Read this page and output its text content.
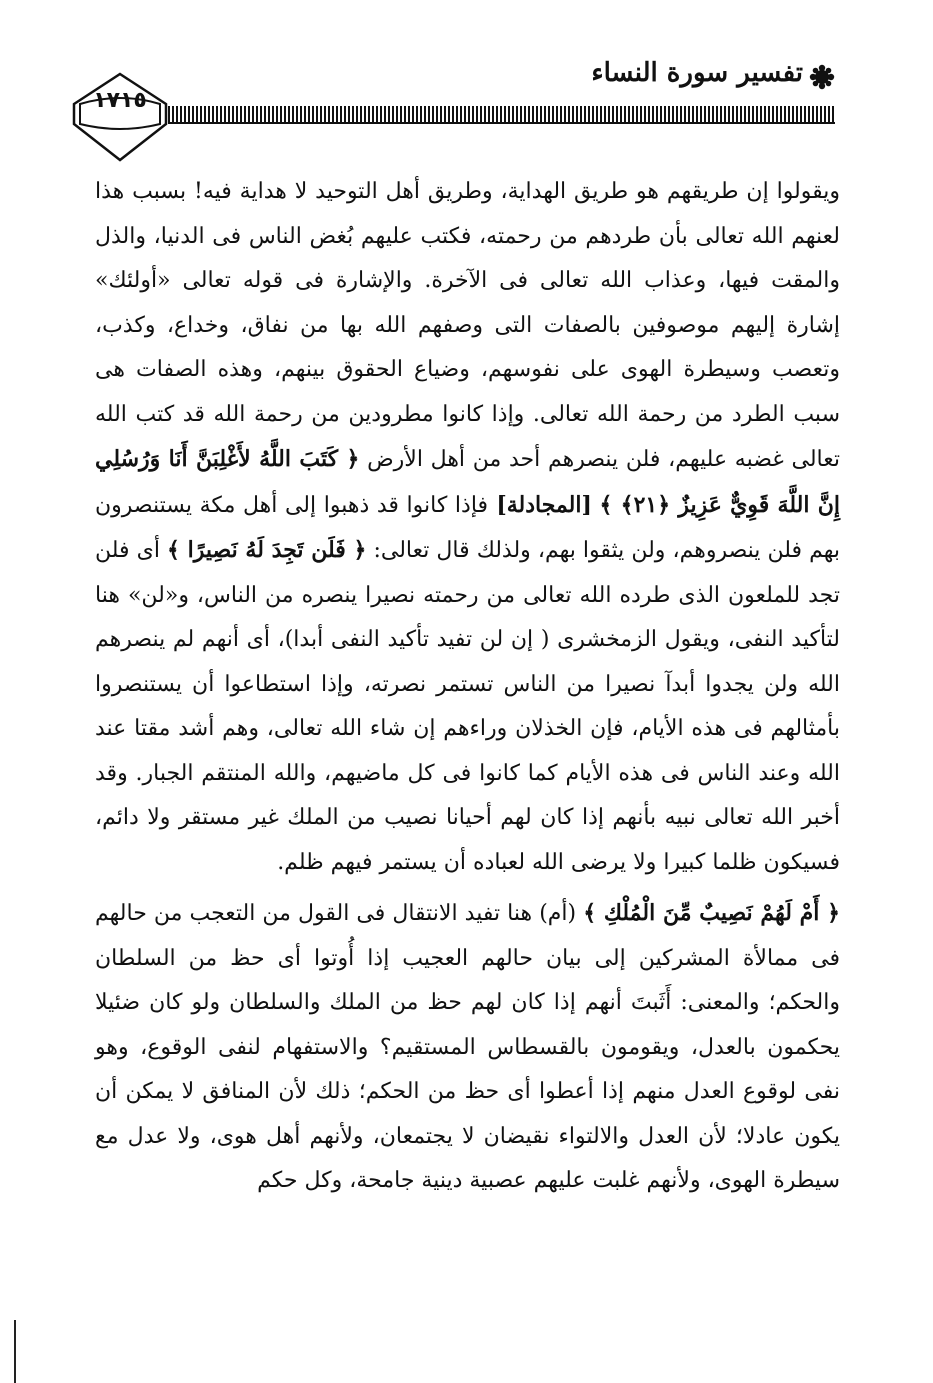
تفسير سورة النساء
١٧١٥

ويقولوا إن طريقهم هو طريق الهداية، وطريق أهل التوحيد لا هداية فيه! بسبب هذا لعنهم الله تعالى بأن طردهم من رحمته، فكتب عليهم بُغض الناس فى الدنيا، والذل والمقت فيها، وعذاب الله تعالى فى الآخرة. والإشارة فى قوله تعالى «أولئك» إشارة إليهم موصوفين بالصفات التى وصفهم الله بها من نفاق، وخداع، وكذب، وتعصب وسيطرة الهوى على نفوسهم، وضياع الحقوق بينهم، وهذه الصفات هى سبب الطرد من رحمة الله تعالى. وإذا كانوا مطرودين من رحمة الله قد كتب الله تعالى غضبه عليهم، فلن ينصرهم أحد من أهل الأرض ﴿ كَتَبَ اللَّهُ لأَغْلِبَنَّ أَنَا وَرُسُلِي إِنَّ اللَّهَ قَوِيٌّ عَزِيزٌ ﴿٢١﴾ ﴾ [المجادلة] فإذا كانوا قد ذهبوا إلى أهل مكة يستنصرون بهم فلن ينصروهم، ولن يثقوا بهم، ولذلك قال تعالى: ﴿ فَلَن تَجِدَ لَهُ نَصِيرًا ﴾ أى فلن تجد للملعون الذى طرده الله تعالى من رحمته نصيرا ينصره من الناس، و«لن» هنا لتأكيد النفى، ويقول الزمخشرى ( إن لن تفيد تأكيد النفى أبدا)، أى أنهم لم ينصرهم الله ولن يجدوا أبدآ نصيرا من الناس تستمر نصرته، وإذا استطاعوا أن يستنصروا بأمثالهم فى هذه الأيام، فإن الخذلان وراءهم إن شاء الله تعالى، وهم أشد مقتا عند الله وعند الناس فى هذه الأيام كما كانوا فى كل ماضيهم، والله المنتقم الجبار. وقد أخبر الله تعالى نبيه بأنهم إذا كان لهم أحيانا نصيب من الملك غير مستقر ولا دائم، فسيكون ظلما كبيرا ولا يرضى الله لعباده أن يستمر فيهم ظلم.

﴿ أَمْ لَهُمْ نَصِيبٌ مِّنَ الْمُلْكِ ﴾ (أم) هنا تفيد الانتقال فى القول من التعجب من حالهم فى ممالأة المشركين إلى بيان حالهم العجيب إذا أُوتوا أى حظ من السلطان والحكم؛ والمعنى: أَثَبتَ أنهم إذا كان لهم حظ من الملك والسلطان ولو كان ضئيلا يحكمون بالعدل، ويقومون بالقسطاس المستقيم؟ والاستفهام لنفى الوقوع، وهو نفى لوقوع العدل منهم إذا أعطوا أى حظ من الحكم؛ ذلك لأن المنافق لا يمكن أن يكون عادلا؛ لأن العدل والالتواء نقيضان لا يجتمعان، ولأنهم أهل هوى، ولا عدل مع سيطرة الهوى، ولأنهم غلبت عليهم عصبية دينية جامحة، وكل حكم
